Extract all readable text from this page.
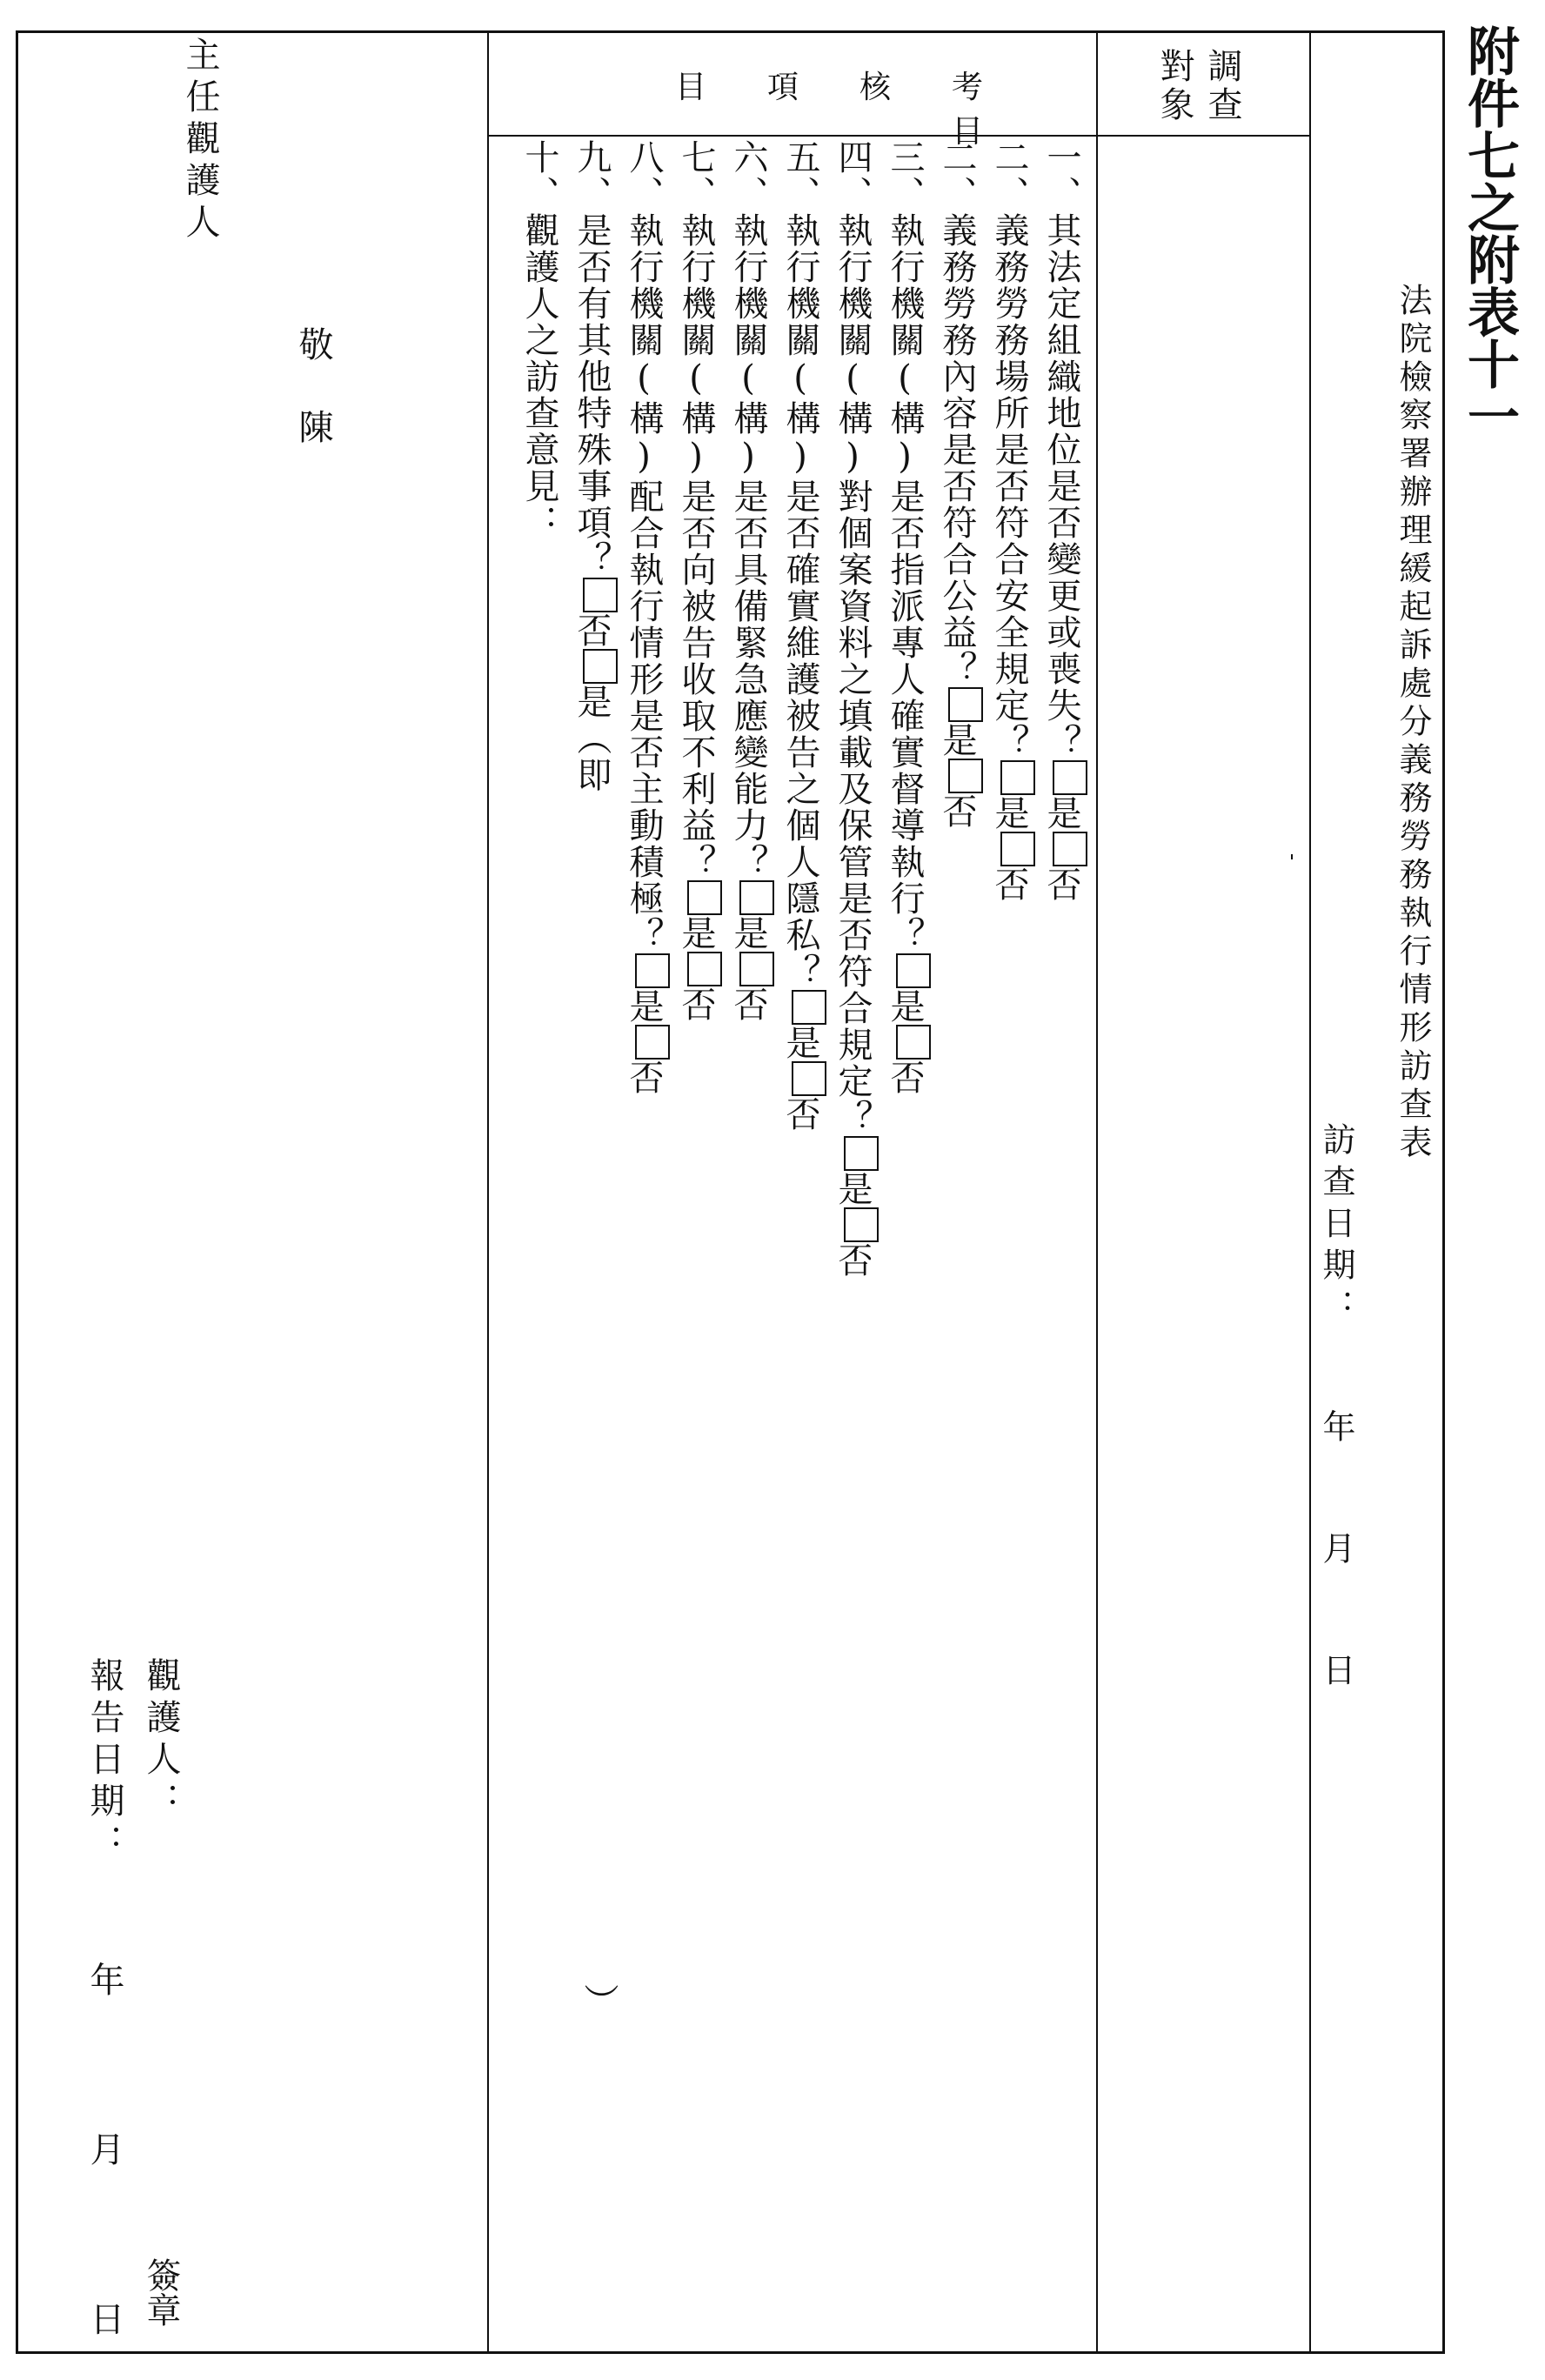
附件七之附表十一
法院檢察署辦理緩起訴處分義務勞務執行情形訪查表
訪查日期：
年
月
日
調查
對象
考核項目目
一、其法定組織地位是否變更或喪失？是否
二、義務勞務場所是否符合安全規定？是否
二、義務勞務內容是否符合公益？是否
三、執行機關(構)是否指派專人確實督導執行？是否
四、執行機關(構)對個案資料之填載及保管是否符合規定？是否
五、執行機關(構)是否確實維護被告之個人隱私？是否
六、執行機關(構)是否具備緊急應變能力？是否
七、執行機關(構)是否向被告收取不利益？是否
八、執行機關(構)配合執行情形是否主動積極？是否
九、是否有其他特殊事項？否是（即
）
十、觀護人之訪查意見：
主任觀護人
敬
陳
觀護人：
報告日期：
年
月
日 簽章
